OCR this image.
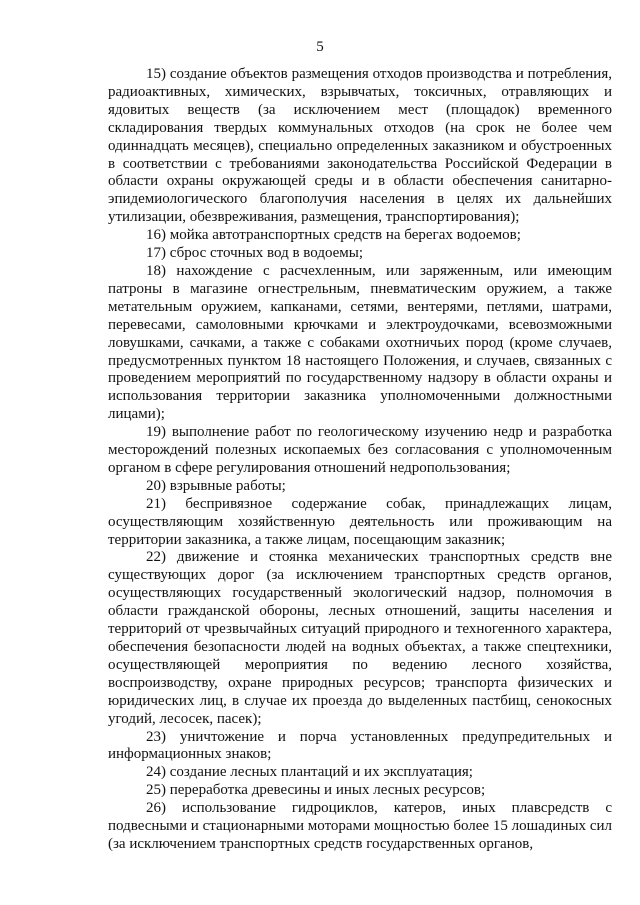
5

15) создание объектов размещения отходов производства и потребления, радиоактивных, химических, взрывчатых, токсичных, отравляющих и ядовитых веществ (за исключением мест (площадок) временного складирования твердых коммунальных отходов (на срок не более чем одиннадцать месяцев), специально определенных заказником и обустроенных в соответствии с требованиями законодательства Российской Федерации в области охраны окружающей среды и в области обеспечения санитарно-эпидемиологического благополучия населения в целях их дальнейших утилизации, обезвреживания, размещения, транспортирования);

16) мойка автотранспортных средств на берегах водоемов;

17) сброс сточных вод в водоемы;

18) нахождение с расчехленным, или заряженным, или имеющим патроны в магазине огнестрельным, пневматическим оружием, а также метательным оружием, капканами, сетями, вентерями, петлями, шатрами, перевесами, самоловными крючками и электроудочками, всевозможными ловушками, сачками, а также с собаками охотничьих пород (кроме случаев, предусмотренных пунктом 18 настоящего Положения, и случаев, связанных с проведением мероприятий по государственному надзору в области охраны и использования территории заказника уполномоченными должностными лицами);

19) выполнение работ по геологическому изучению недр и разработка месторождений полезных ископаемых без согласования с уполномоченным органом в сфере регулирования отношений недропользования;

20) взрывные работы;

21) беспривязное содержание собак, принадлежащих лицам, осуществляющим хозяйственную деятельность или проживающим на территории заказника, а также лицам, посещающим заказник;

22) движение и стоянка механических транспортных средств вне существующих дорог (за исключением транспортных средств органов, осуществляющих государственный экологический надзор, полномочия в области гражданской обороны, лесных отношений, защиты населения и территорий от чрезвычайных ситуаций природного и техногенного характера, обеспечения безопасности людей на водных объектах, а также спецтехники, осуществляющей мероприятия по ведению лесного хозяйства, воспроизводству, охране природных ресурсов; транспорта физических и юридических лиц, в случае их проезда до выделенных пастбищ, сенокосных угодий, лесосек, пасек);

23) уничтожение и порча установленных предупредительных и информационных знаков;

24) создание лесных плантаций и их эксплуатация;

25) переработка древесины и иных лесных ресурсов;

26) использование гидроциклов, катеров, иных плавсредств с подвесными и стационарными моторами мощностью более 15 лошадиных сил (за исключением транспортных средств государственных органов,
